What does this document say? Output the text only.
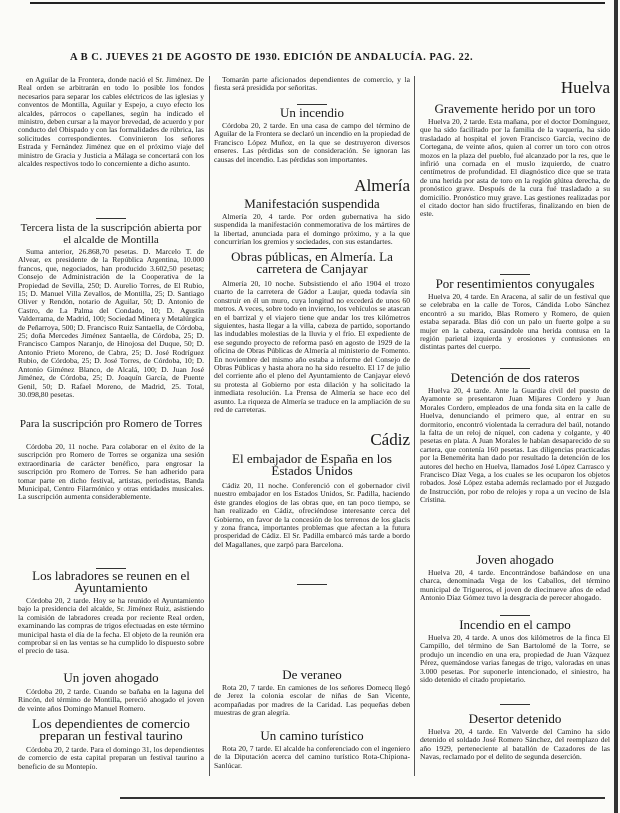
A B C. JUEVES 21 DE AGOSTO DE 1930. EDICIÓN DE ANDALUCÍA. PAG. 22.

en Aguilar de la Frontera, donde nació el Sr. Jiménez. De Real orden se arbitrarán en todo lo posible los fondos necesarios para separar los cables eléctricos de las iglesias y conventos de Montilla, Aguilar y Espejo, a cuyo efecto los alcaldes, párrocos o capellanes, según ha indicado el ministro, deben cursar a la mayor brevedad, de acuerdo y por conducto del Obispado y con las formalidades de rúbrica, las solicitudes correspondientes. Convinieron los señores Estrada y Fernández Jiménez que en el próximo viaje del ministro de Gracia y Justicia a Málaga se concertará con los alcaldes respectivos todo lo concerniente a dicho asunto.

Tercera lista de la suscripción abierta por el alcalde de Montilla

Suma anterior, 26.868,70 pesetas. D. Marcelo T. de Alvear, ex presidente de la República Argentina, 10.000 francos, que, negociados, han producido 3.602,50 pesetas; Consejo de Administración de la Cooperativa de la Propiedad de Sevilla, 250; D. Aurelio Torres, de El Rubio, 15; D. Manuel Villa Zevallos, de Montilla, 25; D. Santiago Oliver y Rendón, notario de Aguilar, 50; D. Antonio de Castro, de La Palma del Condado, 10; D. Agustín Valderrama, de Madrid, 100; Sociedad Minera y Metalúrgica de Peñarroya, 500; D. Francisco Ruiz Santaella, de Córdoba, 25; doña Mercedes Jiménez Santaella, de Córdoba, 25; D. Francisco Campos Naranjo, de Hinojosa del Duque, 50; D. Antonio Prieto Moreno, de Cabra, 25; D. José Rodríguez Rubio, de Córdoba, 25; D. José Torres, de Córdoba, 10; D. Antonio Giménez Blanco, de Alcalá, 100; D. Juan José Jiménez, de Córdoba, 25; D. Joaquín García, de Puente Genil, 50; D. Rafael Moreno, de Madrid, 25. Total, 30.098,80 pesetas.

Para la suscripción pro Romero de Torres

Córdoba 20, 11 noche. Para colaborar en el éxito de la suscripción pro Romero de Torres se organiza una sesión extraordinaria de carácter benéfico, para engrosar la suscripción pro Romero de Torres. Se han adherido para tomar parte en dicho festival, artistas, periodistas, Banda Municipal, Centro Filarmónico y otras entidades musicales. La suscripción aumenta considerablemente.

Los labradores se reunen en el Ayuntamiento

Córdoba 20, 2 tarde. Hoy se ha reunido el Ayuntamiento bajo la presidencia del alcalde, Sr. Jiménez Ruiz, asistiendo la comisión de labradores creada por reciente Real orden, examinando las compras de trigos efectuadas en este término municipal hasta el día de la fecha. El objeto de la reunión era comprobar si en las ventas se ha cumplido lo dispuesto sobre el precio de tasa.

Un joven ahogado

Córdoba 20, 2 tarde. Cuando se bañaba en la laguna del Rincón, del término de Montilla, pereció ahogado el joven de veinte años Domingo Manuel Romero.

Los dependientes de comercio preparan un festival taurino

Córdoba 20, 2 tarde. Para el domingo 31, los dependientes de comercio de esta capital preparan un festival taurino a beneficio de su Montepío.

Tomarán parte aficionados dependientes de comercio, y la fiesta será presidida por señoritas.

Un incendio

Córdoba 20, 2 tarde. En una casa de campo del término de Aguilar de la Frontera se declaró un incendio en la propiedad de Francisco López Muñoz, en la que se destruyeron diversos enseres. Las pérdidas son de consideración. Se ignoran las causas del incendio. Las pérdidas son importantes.

Almería

Manifestación suspendida

Almería 20, 4 tarde. Por orden gubernativa ha sido suspendida la manifestación conmemorativa de los mártires de la libertad, anunciada para el domingo próximo, y a la que concurrirían los gremios y sociedades, con sus estandartes.

Obras públicas, en Almería. La carretera de Canjayar

Almería 20, 10 noche. Subsistiendo el año 1904 el trozo cuarto de la carretera de Gádor a Laujar, queda todavía sin construir en él un muro, cuya longitud no excederá de unos 60 metros. A veces, sobre todo en invierno, los vehículos se atascan en el barrizal y el viajero tiene que andar los tres kilómetros siguientes, hasta llegar a la villa, cabeza de partido, soportando las indudables molestias de la lluvia y el frío. El expediente de ese segundo proyecto de reforma pasó en agosto de 1929 de la oficina de Obras Públicas de Almería al ministerio de Fomento. En noviembre del mismo año estaba a informe del Consejo de Obras Públicas y hasta ahora no ha sido resuelto. El 17 de julio del corriente año el pleno del Ayuntamiento de Canjayar elevó su protesta al Gobierno por esta dilación y ha solicitado la inmediata resolución. La Prensa de Almería se hace eco del asunto. La riqueza de Almería se traduce en la ampliación de su red de carreteras.

Cádiz

El embajador de España en los Estados Unidos

Cádiz 20, 11 noche. Conferenció con el gobernador civil nuestro embajador en los Estados Unidos, Sr. Padilla, haciendo éste grandes elogios de las obras que, en tan poco tiempo, se han realizado en Cádiz, ofreciéndose interesante cerca del Gobierno, en favor de la concesión de los terrenos de los glacis y zona franca, importantes problemas que afectan a la futura prosperidad de Cádiz. El Sr. Padilla embarcó más tarde a bordo del Magallanes, que zarpó para Barcelona.

De veraneo

Rota 20, 7 tarde. En camiones de los señores Domecq llegó de Jerez la colonia escolar de niñas de San Vicente, acompañadas por madres de la Caridad. Las pequeñas deben muestras de gran alegría.

Un camino turístico

Rota 20, 7 tarde. El alcalde ha conferenciado con el ingeniero de la Diputación acerca del camino turístico Rota-Chipiona-Sanlúcar.

Huelva

Gravemente herido por un toro

Huelva 20, 2 tarde. Esta mañana, por el doctor Domínguez, que ha sido facilitado por la familia de la vaquería, ha sido trasladado al hospital el joven Francisco García, vecino de Cortegana, de veinte años, quien al correr un toro con otros mozos en la plaza del pueblo, fué alcanzado por la res, que le infirió una cornada en el muslo izquierdo, de cuatro centímetros de profundidad. El diagnóstico dice que se trata de una herida por asta de toro en la región glútea derecha, de pronóstico grave. Después de la cura fué trasladado a su domicilio. Pronóstico muy grave. Las gestiones realizadas por el citado doctor han sido fructíferas, finalizando en bien de este.

Por resentimientos conyugales

Huelva 20, 4 tarde. En Aracena, al salir de un festival que se celebraba en la calle de Toros, Cándida Lobo Sánchez encontró a su marido, Blas Romero y Romero, de quien estaba separada. Blas dió con un palo un fuerte golpe a su mujer en la cabeza, causándole una herida contusa en la región parietal izquierda y erosiones y contusiones en distintas partes del cuerpo.

Detención de dos rateros

Huelva 20, 4 tarde. Ante la Guardia civil del puesto de Ayamonte se presentaron Juan Mijares Cordero y Juan Morales Cordero, empleados de una fonda sita en la calle de Huelva, denunciando el primero que, al entrar en su dormitorio, encontró violentada la cerradura del baúl, notando la falta de un reloj de níquel, con cadena y colgante, y 40 pesetas en plata. A Juan Morales le habían desaparecido de su cartera, que contenía 160 pesetas. Las diligencias practicadas por la Benemérita han dado por resultado la detención de los autores del hecho en Huelva, llamados José López Carrasco y Francisco Díaz Vega, a los cuales se les ocuparon los objetos robados. José López estaba además reclamado por el Juzgado de Instrucción, por robo de relojes y ropa a un vecino de Isla Cristina.

Joven ahogado

Huelva 20, 4 tarde. Encontrándose bañándose en una charca, denominada Vega de los Caballos, del término municipal de Trigueros, el joven de diecinueve años de edad Antonio Díaz Gómez tuvo la desgracia de perecer ahogado.

Incendio en el campo

Huelva 20, 4 tarde. A unos dos kilómetros de la finca El Campillo, del término de San Bartolomé de la Torre, se produjo un incendio en una era, propiedad de Juan Vázquez Pérez, quemándose varias fanegas de trigo, valoradas en unas 3.000 pesetas. Por suponerle intencionado, el siniestro, ha sido detenido el citado propietario.

Desertor detenido

Huelva 20, 4 tarde. En Valverde del Camino ha sido detenido el soldado José Romero Sánchez, del reemplazo del año 1929, perteneciente al batallón de Cazadores de las Navas, reclamado por el delito de segunda deserción.
